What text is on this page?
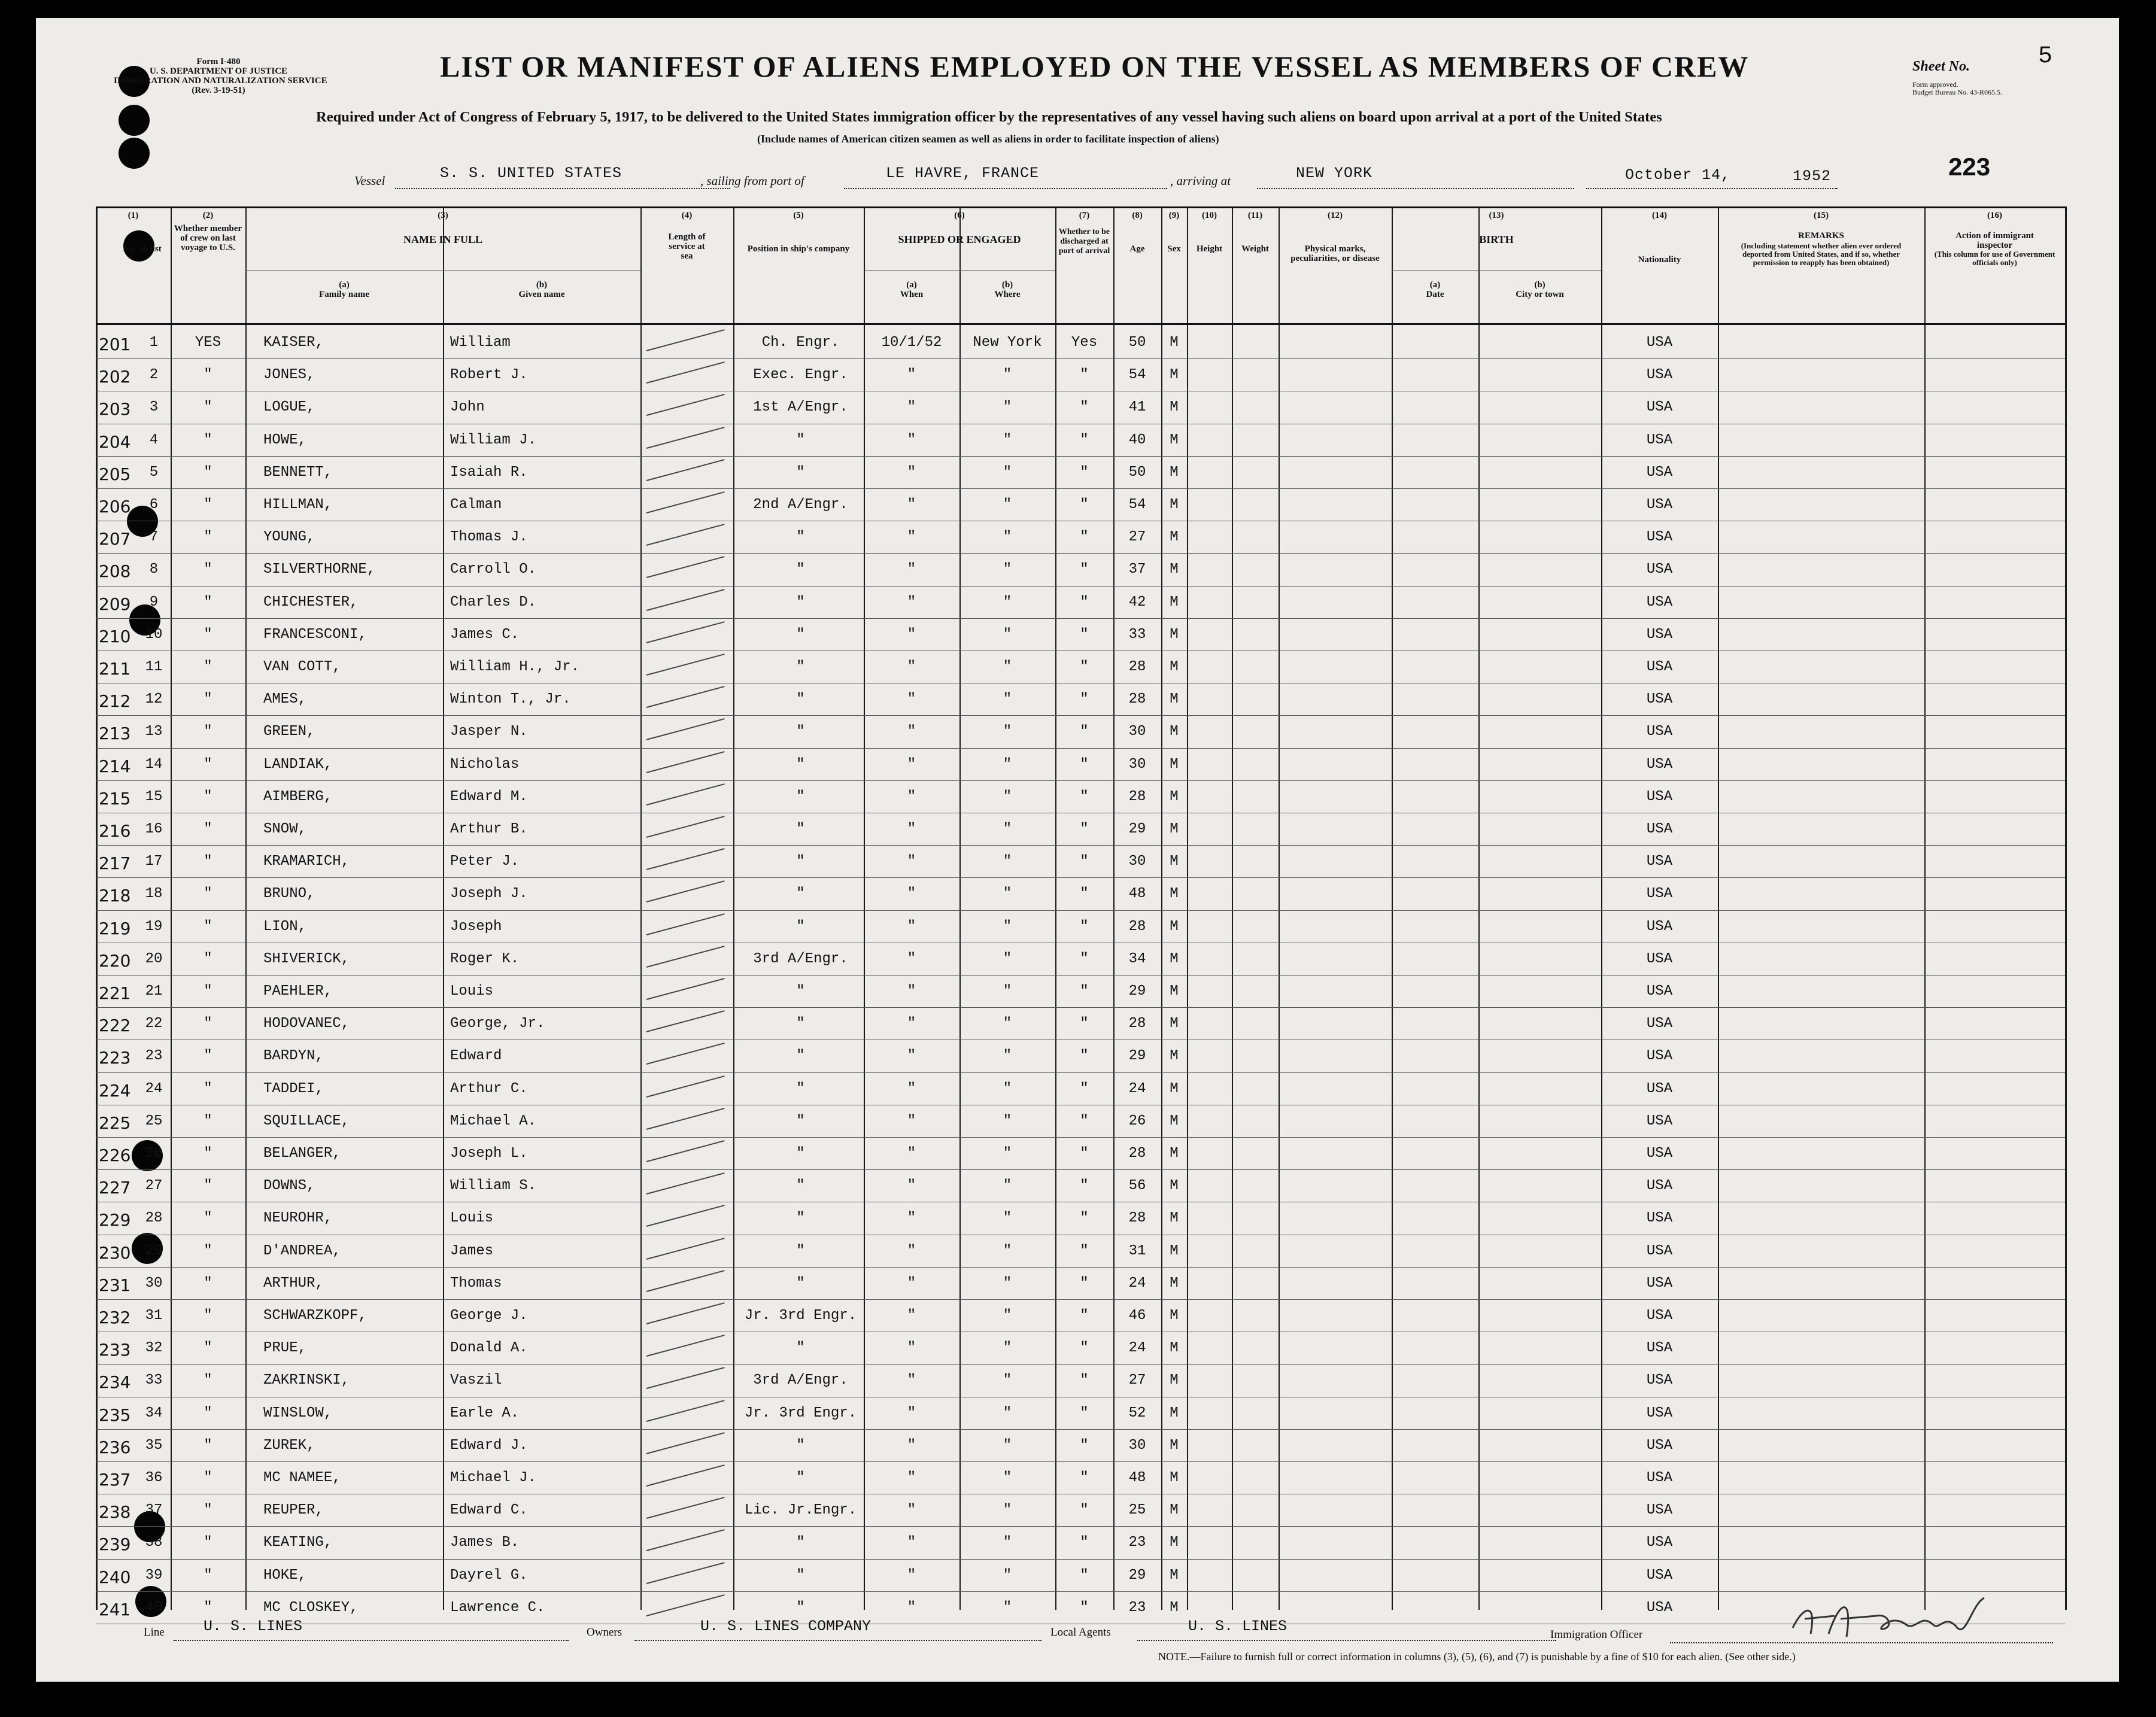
Form I-480
U. S. DEPARTMENT OF JUSTICE
IMMIGRATION AND NATURALIZATION SERVICE
(Rev. 3-19-51)
LIST OR MANIFEST OF ALIENS EMPLOYED ON THE VESSEL AS MEMBERS OF CREW
Required under Act of Congress of February 5, 1917, to be delivered to the United States immigration officer by the representatives of any vessel having such aliens on board upon arrival at a port of the United States
(Include names of American citizen seamen as well as aliens in order to facilitate inspection of aliens)
Sheet No.	5
Form approved.
Budget Bureau No. 43-R065.5.
223
Vessel	S. S. UNITED STATES	, sailing from port of	LE HAVRE, FRANCE	, arriving at	NEW YORK	October 14,	1952
(1)
No. on list
(2)
Whether member of crew on last voyage to U.S.
(3)
NAME IN FULL
(a)
Family name
(b)
Given name
(4)
Length of service at sea
(5)
Position in ship's company
(6)
SHIPPED OR ENGAGED
(a)
When
(b)
Where
(7)
Whether to be discharged at port of arrival
(8)
Age
(9)
Sex
(10)
Height
(11)
Weight
(12)
Physical marks, peculiarities, or disease
(13)
BIRTH
(a)
Date
(b)
City or town
(14)
Nationality
(15)
REMARKS
(Including statement whether alien ever ordered deported from United States, and if so, whether permission to reapply has been obtained)
(16)
Action of immigrant inspector
(This column for use of Government officials only)
201	1	YES	KAISER,	William	Ch. Engr.	10/1/52	New York	Yes	50	M	USA
202	2	"	JONES,	Robert J.	Exec. Engr.	"	"	"	54	M	USA
203	3	"	LOGUE,	John	1st A/Engr.	"	"	"	41	M	USA
204	4	"	HOWE,	William J.	"	"	"	"	40	M	USA
205	5	"	BENNETT,	Isaiah R.	"	"	"	"	50	M	USA
206	6	"	HILLMAN,	Calman	2nd A/Engr.	"	"	"	54	M	USA
207	7	"	YOUNG,	Thomas J.	"	"	"	"	27	M	USA
208	8	"	SILVERTHORNE,	Carroll O.	"	"	"	"	37	M	USA
209	9	"	CHICHESTER,	Charles D.	"	"	"	"	42	M	USA
210	10	"	FRANCESCONI,	James C.	"	"	"	"	33	M	USA
211	11	"	VAN COTT,	William H., Jr.	"	"	"	"	28	M	USA
212	12	"	AMES,	Winton T., Jr.	"	"	"	"	28	M	USA
213	13	"	GREEN,	Jasper N.	"	"	"	"	30	M	USA
214	14	"	LANDIAK,	Nicholas	"	"	"	"	30	M	USA
215	15	"	AIMBERG,	Edward M.	"	"	"	"	28	M	USA
216	16	"	SNOW,	Arthur B.	"	"	"	"	29	M	USA
217	17	"	KRAMARICH,	Peter J.	"	"	"	"	30	M	USA
218	18	"	BRUNO,	Joseph J.	"	"	"	"	48	M	USA
219	19	"	LION,	Joseph	"	"	"	"	28	M	USA
220	20	"	SHIVERICK,	Roger K.	3rd A/Engr.	"	"	"	34	M	USA
221	21	"	PAEHLER,	Louis	"	"	"	"	29	M	USA
222	22	"	HODOVANEC,	George, Jr.	"	"	"	"	28	M	USA
223	23	"	BARDYN,	Edward	"	"	"	"	29	M	USA
224	24	"	TADDEI,	Arthur C.	"	"	"	"	24	M	USA
225	25	"	SQUILLACE,	Michael A.	"	"	"	"	26	M	USA
226	26	"	BELANGER,	Joseph L.	"	"	"	"	28	M	USA
227	27	"	DOWNS,	William S.	"	"	"	"	56	M	USA
229	28	"	NEUROHR,	Louis	"	"	"	"	28	M	USA
230	29	"	D'ANDREA,	James	"	"	"	"	31	M	USA
231	30	"	ARTHUR,	Thomas	"	"	"	"	24	M	USA
232	31	"	SCHWARZKOPF,	George J.	Jr. 3rd Engr.	"	"	"	46	M	USA
233	32	"	PRUE,	Donald A.	"	"	"	"	24	M	USA
234	33	"	ZAKRINSKI,	Vaszil	3rd A/Engr.	"	"	"	27	M	USA
235	34	"	WINSLOW,	Earle A.	Jr. 3rd Engr.	"	"	"	52	M	USA
236	35	"	ZUREK,	Edward J.	"	"	"	"	30	M	USA
237	36	"	MC NAMEE,	Michael J.	"	"	"	"	48	M	USA
238	37	"	REUPER,	Edward C.	Lic. Jr.Engr.	"	"	"	25	M	USA
239	38	"	KEATING,	James B.	"	"	"	"	23	M	USA
240	39	"	HOKE,	Dayrel G.	"	"	"	"	29	M	USA
241	40	"	MC CLOSKEY,	Lawrence C.	"	"	"	"	23	M	USA
Line	U. S. LINES	Owners	U. S. LINES COMPANY	Local Agents	U. S. LINES	Immigration Officer
NOTE.—Failure to furnish full or correct information in columns (3), (5), (6), and (7) is punishable by a fine of $10 for each alien. (See other side.)
